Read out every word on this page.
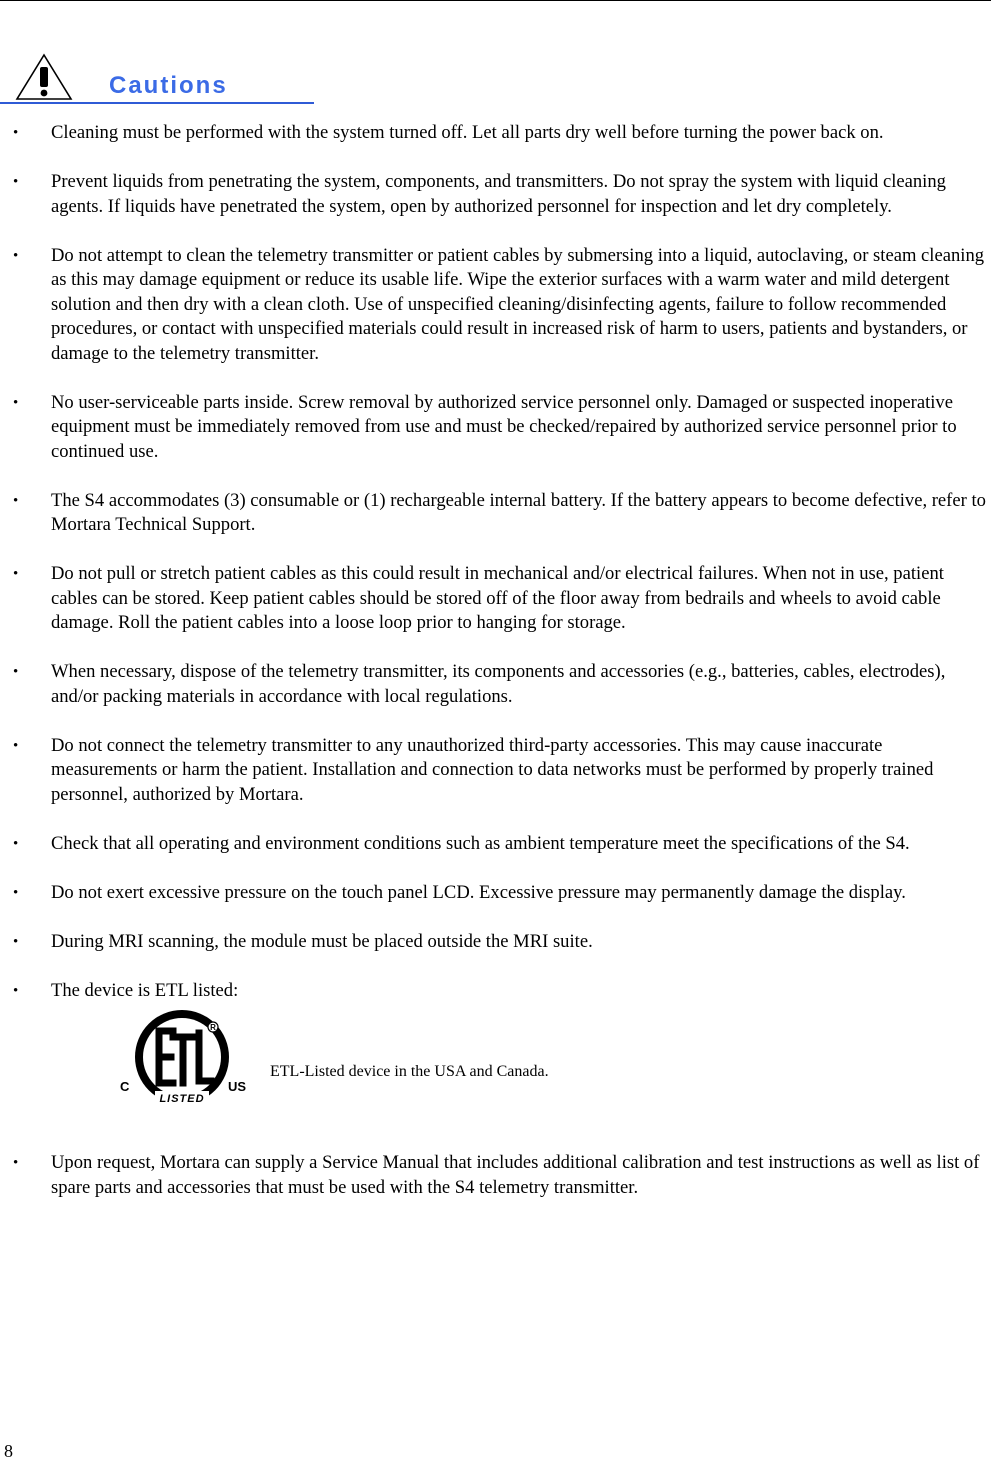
Cautions
• Cleaning must be performed with the system turned off. Let all parts dry well before turning the power back on.
• Prevent liquids from penetrating the system, components, and transmitters. Do not spray the system with liquid cleaning agents. If liquids have penetrated the system, open by authorized personnel for inspection and let dry completely.
• Do not attempt to clean the telemetry transmitter or patient cables by submersing into a liquid, autoclaving, or steam cleaning as this may damage equipment or reduce its usable life. Wipe the exterior surfaces with a warm water and mild detergent solution and then dry with a clean cloth. Use of unspecified cleaning/disinfecting agents, failure to follow recommended procedures, or contact with unspecified materials could result in increased risk of harm to users, patients and bystanders, or damage to the telemetry transmitter.
• No user-serviceable parts inside. Screw removal by authorized service personnel only. Damaged or suspected inoperative equipment must be immediately removed from use and must be checked/repaired by authorized service personnel prior to continued use.
• The S4 accommodates (3) consumable or (1) rechargeable internal battery. If the battery appears to become defective, refer to Mortara Technical Support.
• Do not pull or stretch patient cables as this could result in mechanical and/or electrical failures. When not in use, patient cables can be stored. Keep patient cables should be stored off of the floor away from bedrails and wheels to avoid cable damage. Roll the patient cables into a loose loop prior to hanging for storage.
• When necessary, dispose of the telemetry transmitter, its components and accessories (e.g., batteries, cables, electrodes), and/or packing materials in accordance with local regulations.
• Do not connect the telemetry transmitter to any unauthorized third-party accessories. This may cause inaccurate measurements or harm the patient. Installation and connection to data networks must be performed by properly trained personnel, authorized by Mortara.
• Check that all operating and environment conditions such as ambient temperature meet the specifications of the S4.
• Do not exert excessive pressure on the touch panel LCD. Excessive pressure may permanently damage the display.
• During MRI scanning, the module must be placed outside the MRI suite.
• The device is ETL listed:
R
C	US
LISTED
ETL-Listed device in the USA and Canada.
• Upon request, Mortara can supply a Service Manual that includes additional calibration and test instructions as well as list of spare parts and accessories that must be used with the S4 telemetry transmitter.
8
